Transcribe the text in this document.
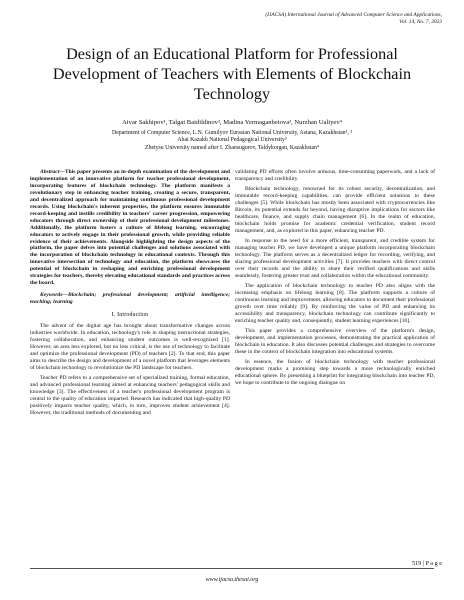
(IJACSA) International Journal of Advanced Computer Science and Applications,
Vol. 14, No. 7, 2023
Design of an Educational Platform for Professional Development of Teachers with Elements of Blockchain Technology
Aivar Sakhipov¹, Talgat Baidildinov², Madina Yermaganbetova³, Nurzhan Ualiyev⁴
Department of Computer Science, L.N. Gumilyov Eurasian National University, Astana, Kazakhstan¹, ³
Abai Kazakh National Pedagogical University²
Zhetysu University named after I. Zhansugurov, Taldykorgan, Kazakhstan⁴

Abstract—This paper presents an in-depth examination of the development and implementation of an innovative platform for teacher professional development, incorporating features of blockchain technology. The platform manifests a revolutionary step in enhancing teacher training, creating a secure, transparent, and decentralized approach for maintaining continuous professional development records. Using blockchain's inherent properties, the platform ensures immutable record-keeping and instills credibility in teachers' career progression, empowering educators through direct ownership of their professional development milestones. Additionally, the platform fosters a culture of lifelong learning, encouraging educators to actively engage in their professional growth, while providing reliable evidence of their achievements. Alongside highlighting the design aspects of the platform, the paper delves into potential challenges and solutions associated with the incorporation of blockchain technology in educational contexts. Through this innovative intersection of technology and education, the platform showcases the potential of blockchain in reshaping and enriching professional development strategies for teachers, thereby elevating educational standards and practices across the board.

Keywords—Blockchain; professional development; artificial intelligence; teaching; learning

I. Introduction

The advent of the digital age has brought about transformative changes across industries worldwide. In education, technology's role in shaping instructional strategies, fostering collaboration, and enhancing student outcomes is well-recognized [1]. However, an area less explored, but no less critical, is the use of technology to facilitate and optimize the professional development (PD) of teachers [2]. To that end, this paper aims to describe the design and development of a novel platform that leverages elements of blockchain technology to revolutionize the PD landscape for teachers.

Teacher PD refers to a comprehensive set of specialized training, formal education, and advanced professional learning aimed at enhancing teachers' pedagogical skills and knowledge [3]. The effectiveness of a teacher's professional development program is central to the quality of education imparted. Research has indicated that high-quality PD positively impacts teacher quality, which, in turn, improves student achievement [4]. However, the traditional methods of documenting and

validating PD efforts often involve arduous, time-consuming paperwork, and a lack of transparency and credibility.

Blockchain technology, renowned for its robust security, decentralization, and immutable record-keeping capabilities, can provide efficient solutions to these challenges [5]. While blockchain has mostly been associated with cryptocurrencies like Bitcoin, its potential extends far beyond, having disruptive implications for sectors like healthcare, finance, and supply chain management [6]. In the realm of education, blockchain holds promise for academic credential verification, student record management, and, as explored in this paper, enhancing teacher PD.

In response to the need for a more efficient, transparent, and credible system for managing teacher PD, we have developed a unique platform incorporating blockchain technology. The platform serves as a decentralized ledger for recording, verifying, and sharing professional development activities [7]. It provides teachers with direct control over their records and the ability to share their verified qualifications and skills seamlessly, fostering greater trust and collaboration within the educational community.

The application of blockchain technology to teacher PD also aligns with the increasing emphasis on lifelong learning [8]. The platform supports a culture of continuous learning and improvement, allowing educators to document their professional growth over time reliably [9]. By reinforcing the value of PD and enhancing its accessibility and transparency, blockchain technology can contribute significantly to enriching teacher quality and, consequently, student learning experiences [10].

This paper provides a comprehensive overview of the platform's design, development, and implementation processes, demonstrating the practical application of blockchain in education. It also discusses potential challenges and strategies to overcome these in the context of blockchain integration into educational systems.

In essence, the fusion of blockchain technology with teacher professional development marks a promising step towards a more technologically enriched educational sphere. By presenting a blueprint for integrating blockchain into teacher PD, we hope to contribute to the ongoing dialogue on

519 | P a g e
www.ijacsa.thesai.org
